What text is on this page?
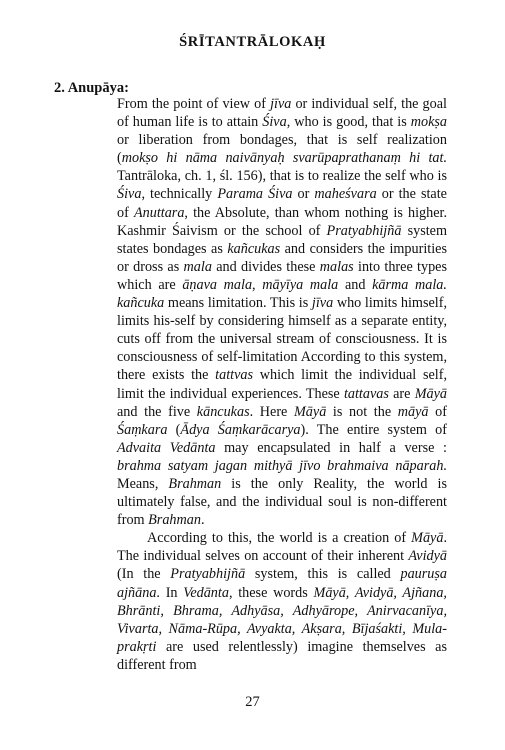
ŚRĪTANTRĀLOKAḤ
2. Anupāya:

From the point of view of jīva or individual self, the goal of human life is to attain Śiva, who is good, that is mokṣa or liberation from bondages, that is self realization (mokṣo hi nāma naivānyaḥ svarūpaprathanaṃ hi tat. Tantrāloka, ch. 1, śl. 156), that is to realize the self who is Śiva, technically Parama Śiva or maheśvara or the state of Anuttara, the Absolute, than whom nothing is higher. Kashmir Śaivism or the school of Pratyabhijñā system states bondages as kañcukas and considers the impurities or dross as mala and divides these malas into three types which are āṇava mala, māyīya mala and kārma mala. kañcuka means limitation. This is jīva who limits himself, limits his-self by considering himself as a separate entity, cuts off from the universal stream of consciousness. It is consciousness of self-limitation According to this system, there exists the tattvas which limit the individual self, limit the individual experiences. These tattavas are Māyā and the five kāncukas. Here Māyā is not the māyā of Śaṃkara (Ādya Śaṃkarācarya). The entire system of Advaita Vedānta may encapsulated in half a verse : brahma satyam jagan mithyā jīvo brahmaiva nāparah. Means, Brahman is the only Reality, the world is ultimately false, and the individual soul is non-different from Brahman.

According to this, the world is a creation of Māyā. The individual selves on account of their inherent Avidyā (In the Pratyabhijñā system, this is called pauruṣa ajñāna. In Vedānta, these words Māyā, Avidyā, Ajñana, Bhrānti, Bhrama, Adhyāsa, Adhyārope, Anirvacanīya, Vivarta, Nāma-Rūpa, Avyakta, Akṣara, Bījaśakti, Mula-prakṛti are used relentlessly) imagine themselves as different from

27
